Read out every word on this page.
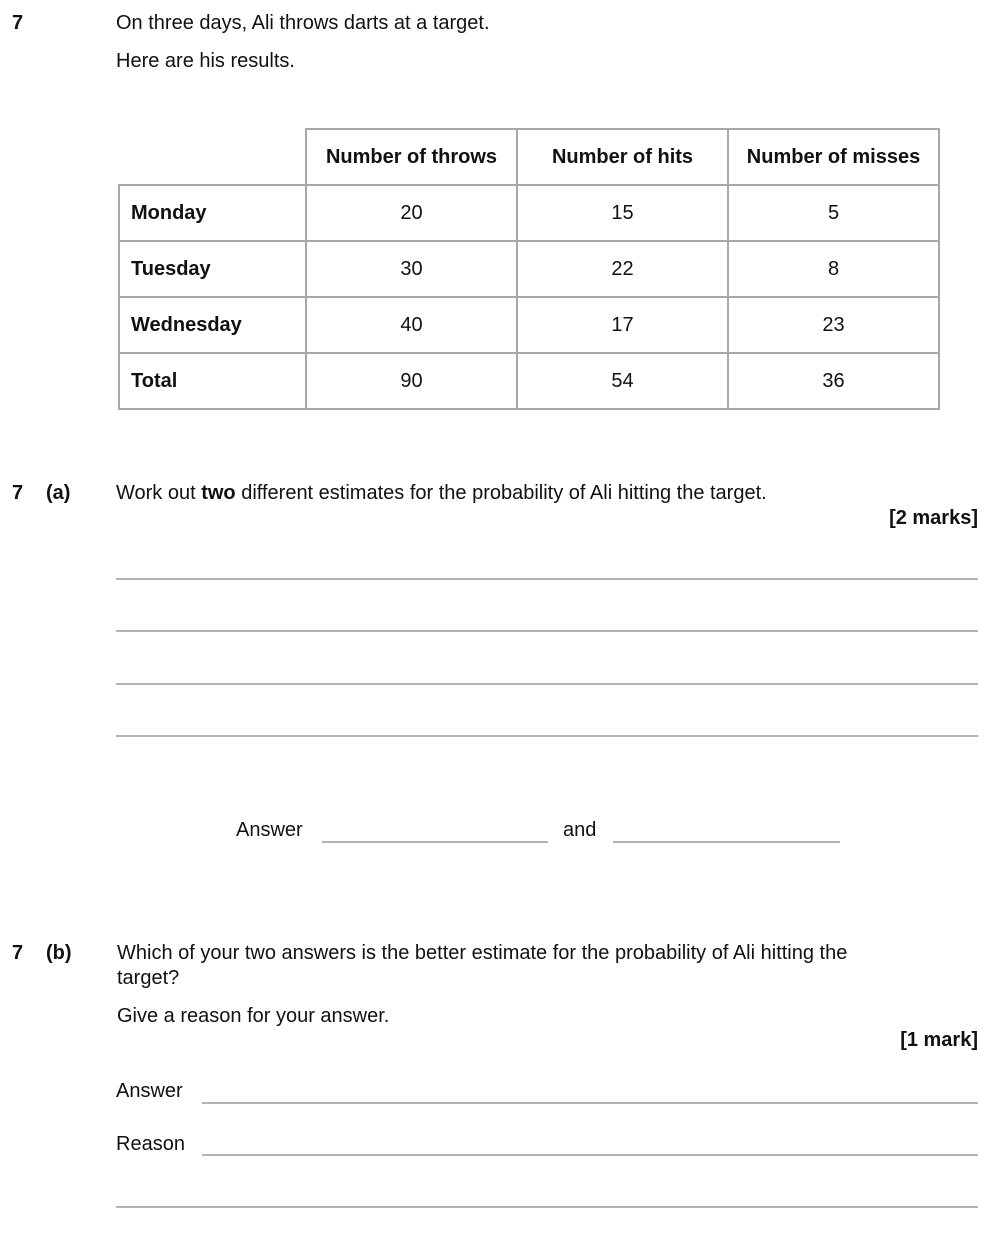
7	On three days, Ali throws darts at a target.
Here are his results.
	Number of throws	Number of hits	Number of misses
Monday	20	15	5
Tuesday	30	22	8
Wednesday	40	17	23
Total	90	54	36
7 (a) Work out two different estimates for the probability of Ali hitting the target.
[2 marks]
Answer	and
7 (b) Which of your two answers is the better estimate for the probability of Ali hitting the
target?
Give a reason for your answer.
[1 mark]
Answer
Reason
